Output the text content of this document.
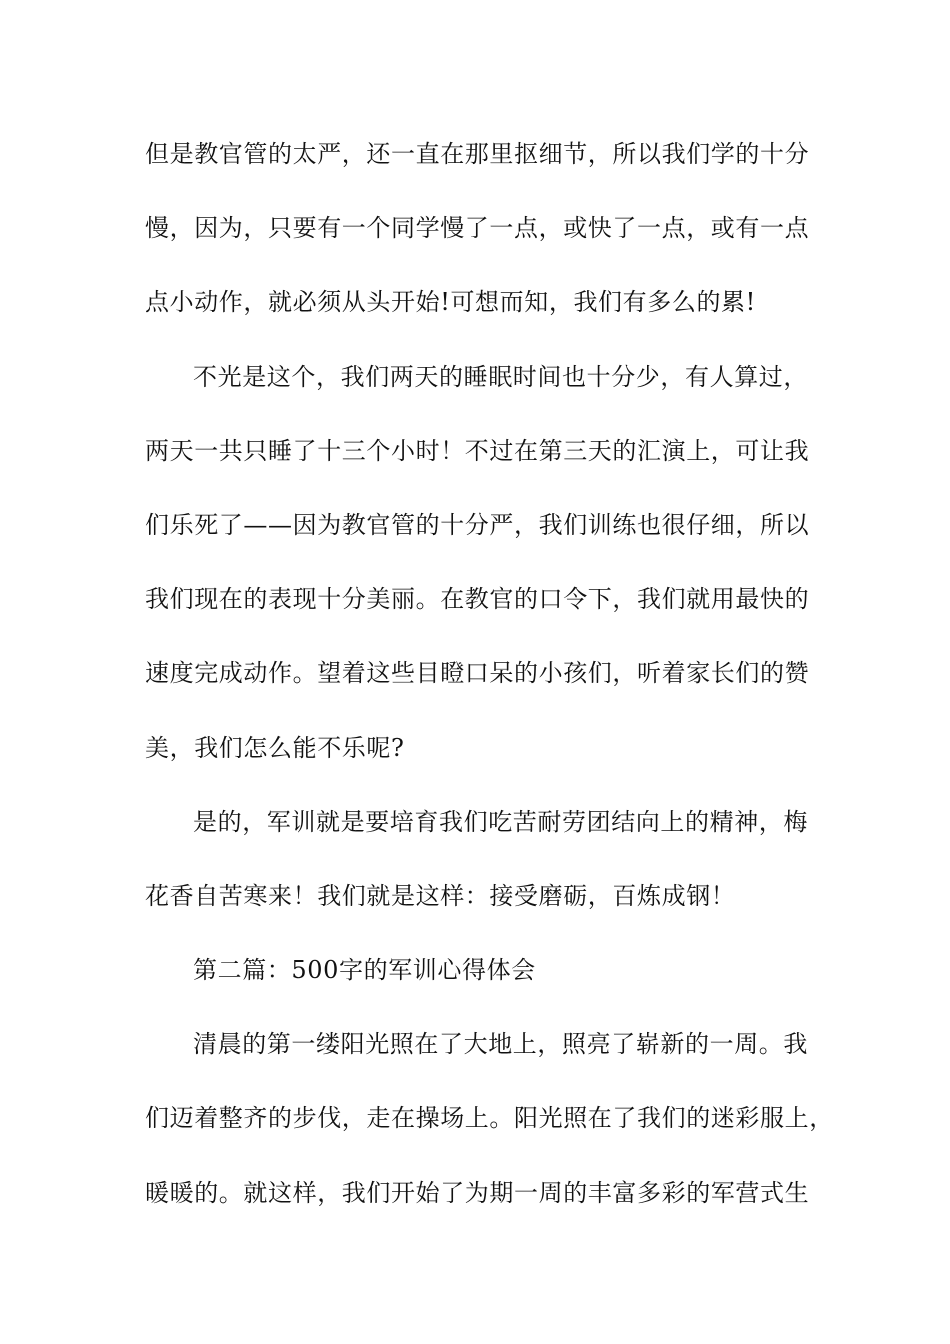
但是教官管的太严，还一直在那里抠细节，所以我们学的十分
慢，因为，只要有一个同学慢了一点，或快了一点，或有一点
点小动作，就必须从头开始!可想而知，我们有多么的累!
不光是这个，我们两天的睡眠时间也十分少，有人算过，
两天一共只睡了十三个小时！不过在第三天的汇演上，可让我
们乐死了——因为教官管的十分严，我们训练也很仔细，所以
我们现在的表现十分美丽。在教官的口令下，我们就用最快的
速度完成动作。望着这些目瞪口呆的小孩们，听着家长们的赞
美，我们怎么能不乐呢?
是的，军训就是要培育我们吃苦耐劳团结向上的精神，梅
花香自苦寒来！我们就是这样：接受磨砺，百炼成钢！
第二篇：500字的军训心得体会
清晨的第一缕阳光照在了大地上，照亮了崭新的一周。我
们迈着整齐的步伐，走在操场上。阳光照在了我们的迷彩服上，
暖暖的。就这样，我们开始了为期一周的丰富多彩的军营式生
